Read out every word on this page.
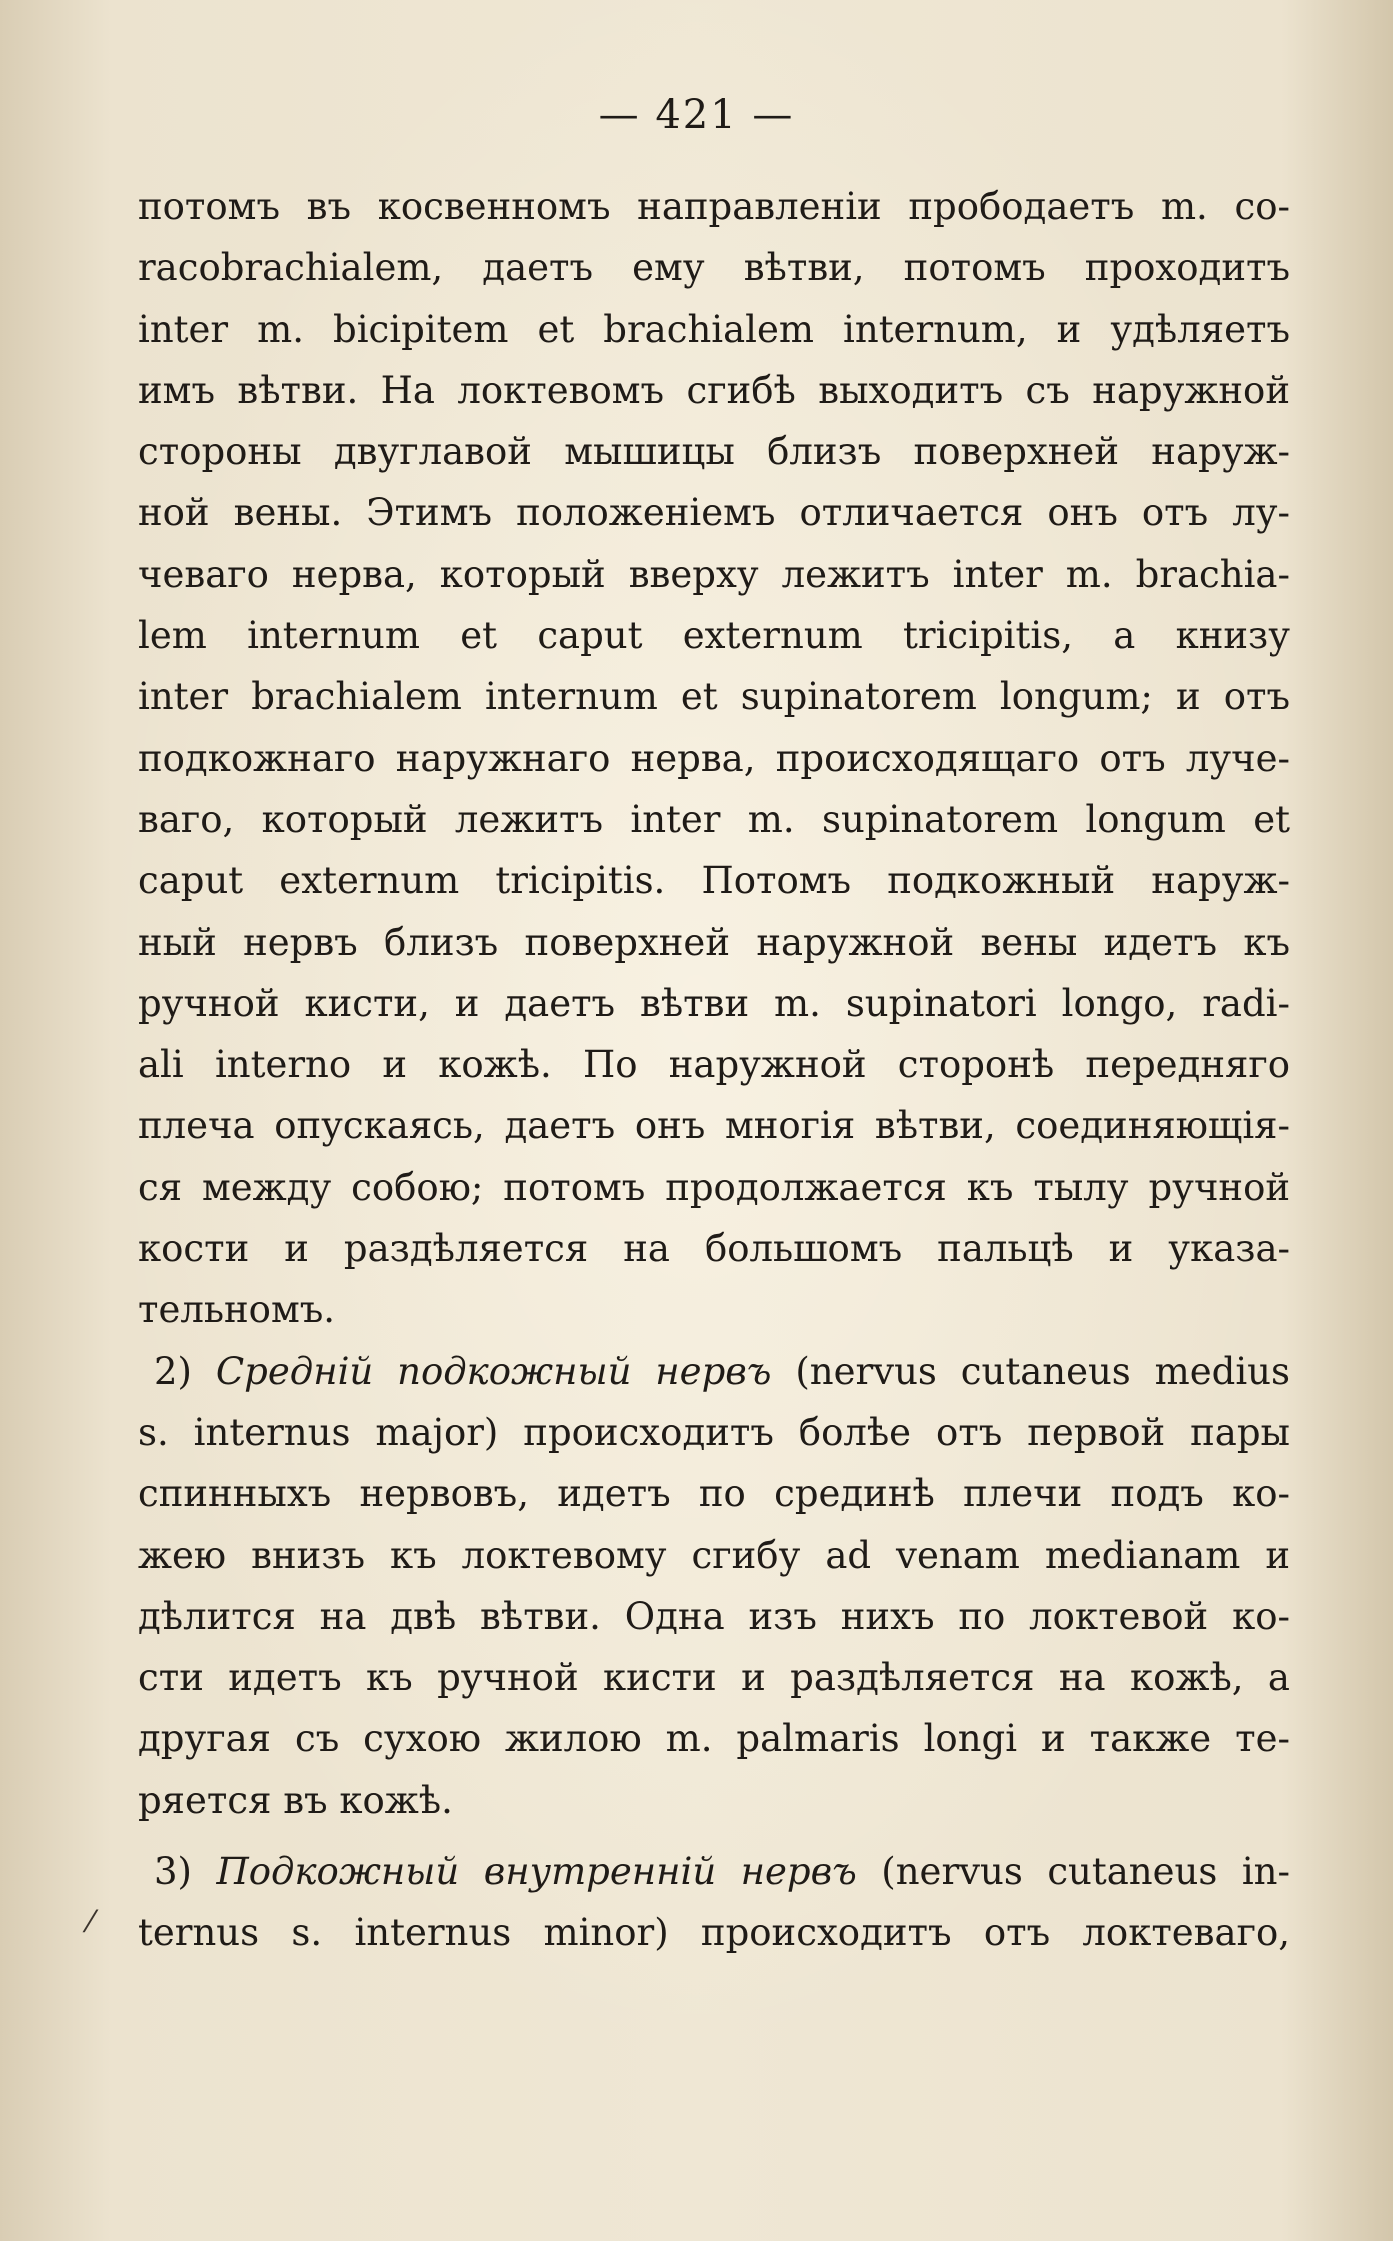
— 421 —
⁄
потомъ въ косвенномъ направленіи прободаетъ m. co-
racobrachialem, даетъ ему вѣтви, потомъ проходитъ
inter m. bicipitem et brachialem internum, и удѣляетъ
имъ вѣтви. На локтевомъ сгибѣ выходитъ съ наружной
стороны двуглавой мышицы близъ поверхней наруж-
ной вены. Этимъ положеніемъ отличается онъ отъ лу-
чеваго нерва, который вверху лежитъ inter m. brachia-
lem internum et caput externum tricipitis, а книзу
inter brachialem internum et supinatorem longum; и отъ
подкожнаго наружнаго нерва, происходящаго отъ луче-
ваго, который лежитъ inter m. supinatorem longum et
caput externum tricipitis. Потомъ подкожный наруж-
ный нервъ близъ поверхней наружной вены идетъ къ
ручной кисти, и даетъ вѣтви m. supinatori longo, radi-
ali interno и кожѣ. По наружной сторонѣ передняго
плеча опускаясь, даетъ онъ многія вѣтви, соединяющія-
ся между собою; потомъ продолжается къ тылу ручной
кости и раздѣляется на большомъ пальцѣ и указа-
тельномъ.
2) Средній подкожный нервъ (nervus cutaneus medius
s. internus major) происходитъ болѣе отъ первой пары
спинныхъ нервовъ, идетъ по срединѣ плечи подъ ко-
жею внизъ къ локтевому сгибу ad venam medianam и
дѣлится на двѣ вѣтви. Одна изъ нихъ по локтевой ко-
сти идетъ къ ручной кисти и раздѣляется на кожѣ, а
другая съ сухою жилою m. palmaris longi и также те-
ряется въ кожѣ.
3) Подкожный внутренній нервъ (nervus cutaneus in-
ternus s. internus minor) происходитъ отъ локтеваго,
